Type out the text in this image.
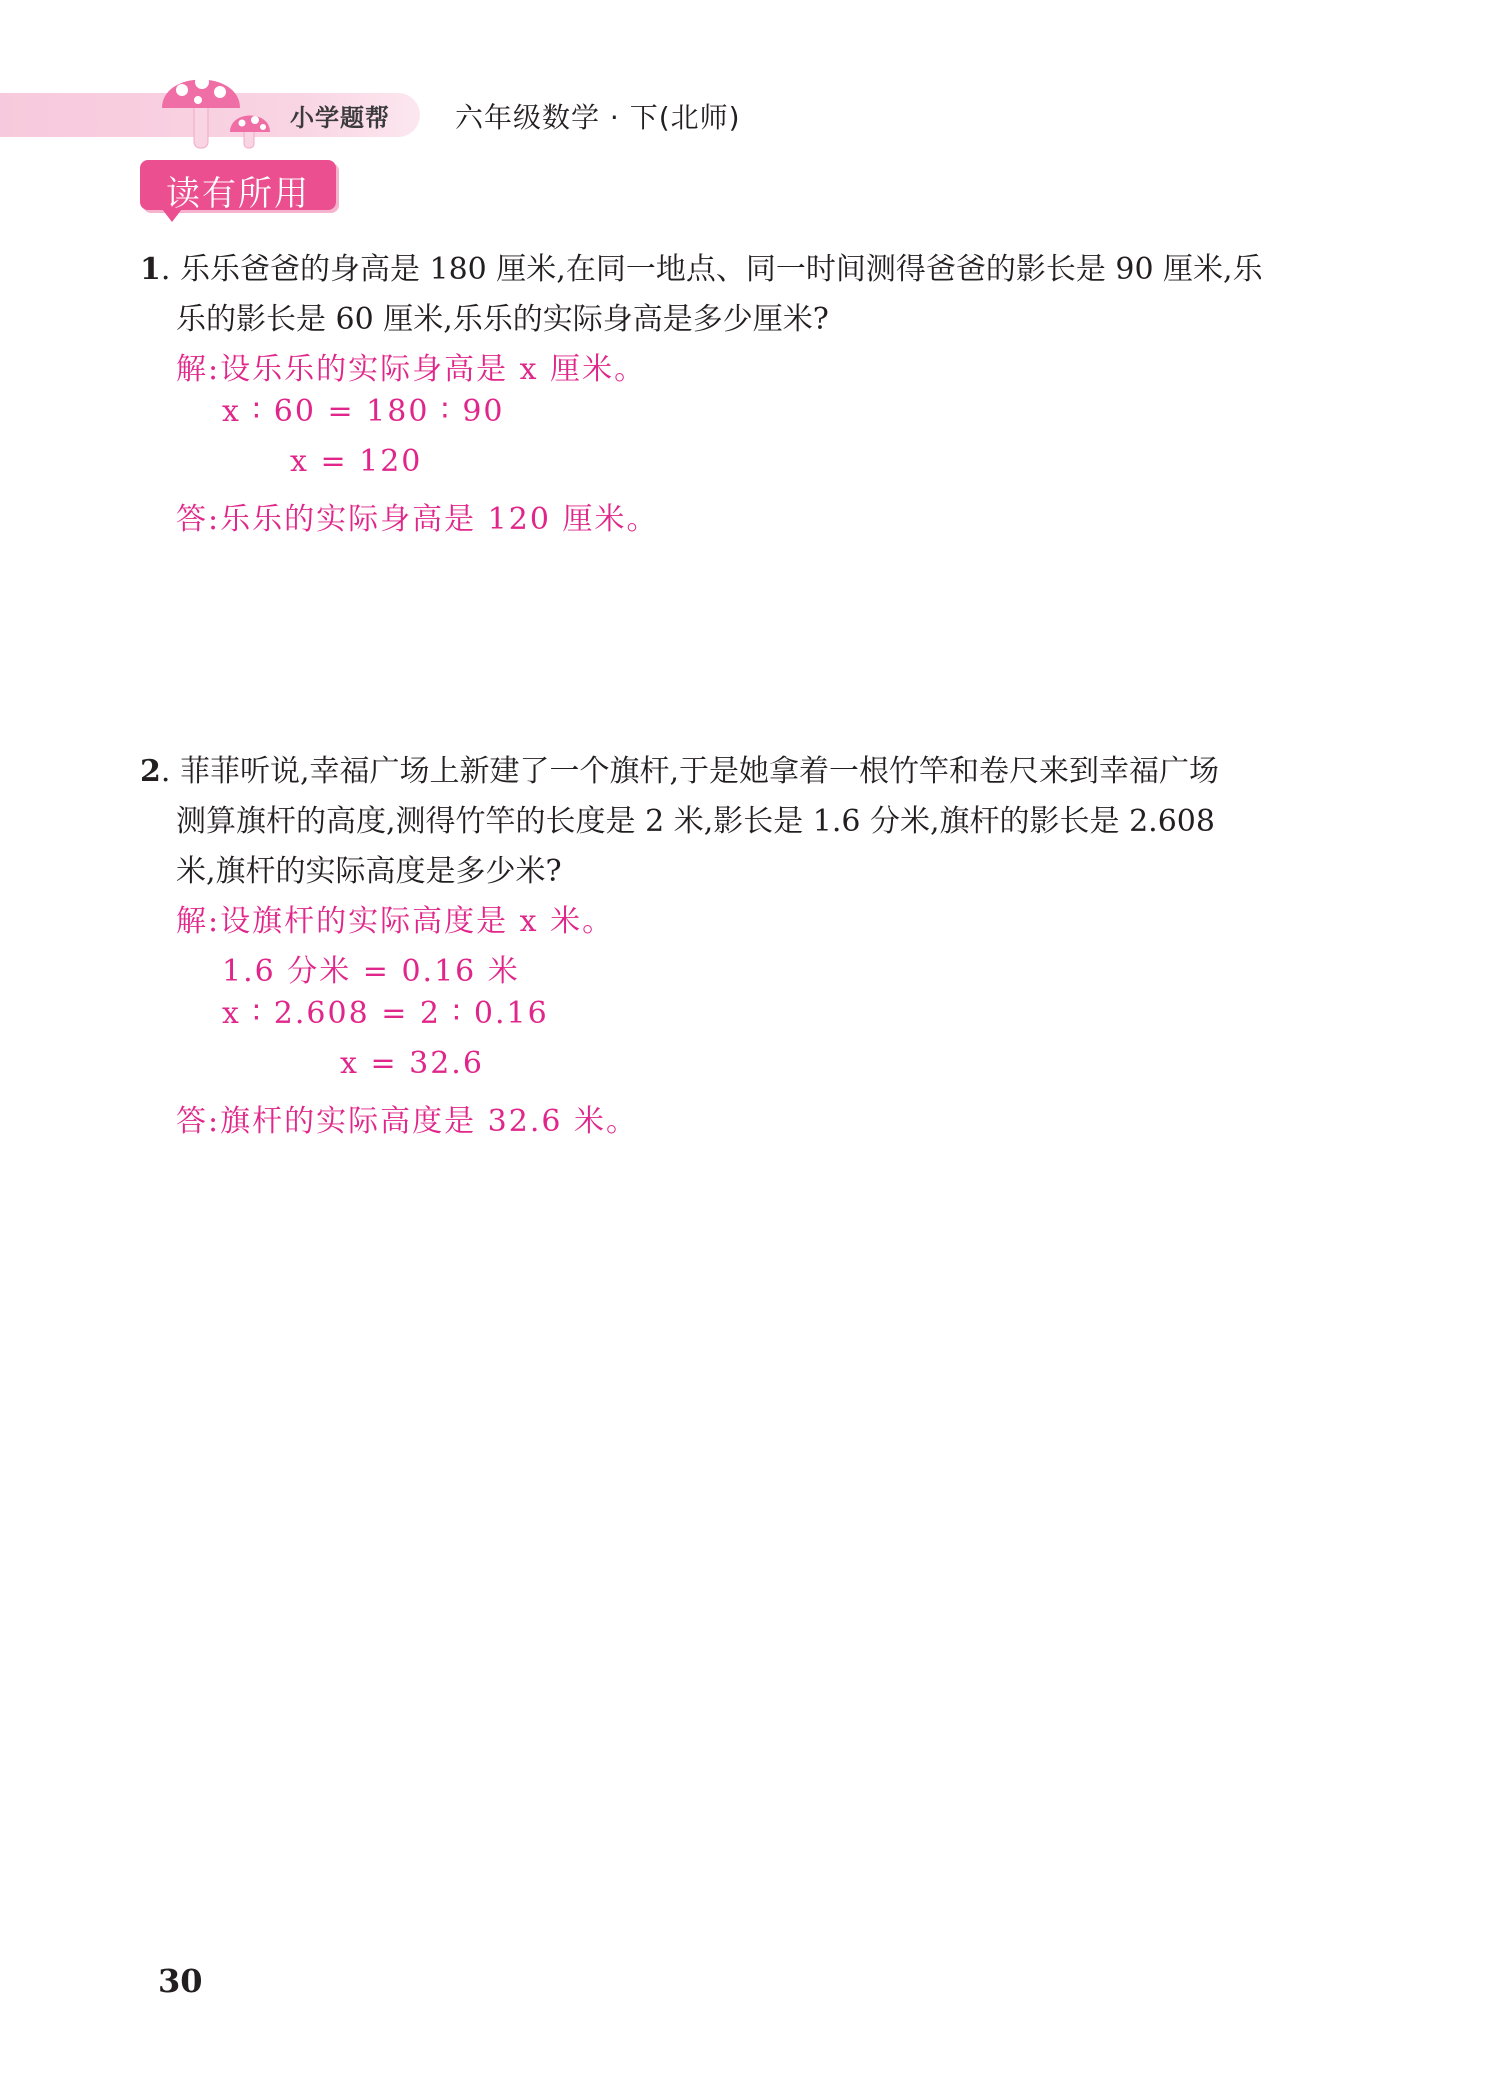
小学题帮 六年级数学 · 下(北师)
读有所用
1. 乐乐爸爸的身高是 180 厘米,在同一地点、同一时间测得爸爸的影长是 90 厘米,乐
乐的影长是 60 厘米,乐乐的实际身高是多少厘米?
解:设乐乐的实际身高是 x 厘米。
x ∶ 60 = 180 ∶ 90
x = 120
答:乐乐的实际身高是 120 厘米。
2. 菲菲听说,幸福广场上新建了一个旗杆,于是她拿着一根竹竿和卷尺来到幸福广场
测算旗杆的高度,测得竹竿的长度是 2 米,影长是 1.6 分米,旗杆的影长是 2.608
米,旗杆的实际高度是多少米?
解:设旗杆的实际高度是 x 米。
1.6 分米 = 0.16 米
x ∶ 2.608 = 2 ∶ 0.16
x = 32.6
答:旗杆的实际高度是 32.6 米。
30
